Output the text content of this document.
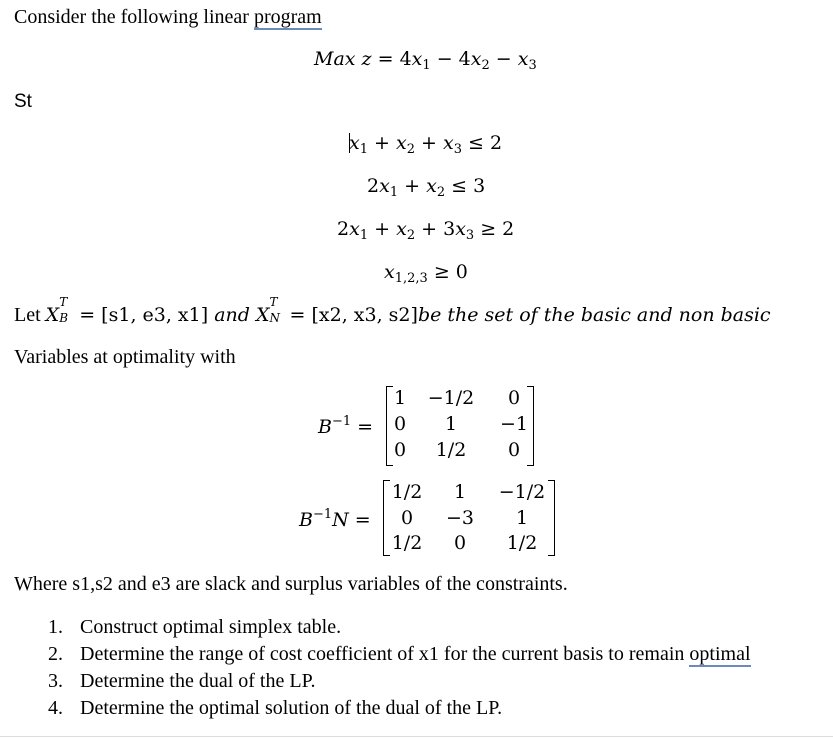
Consider the following linear program
Max $z = 4x_1 - 4x_2 - x_3$
St
$x_1 + x_2 + x_3 \le 2$
$2x_1 + x_2 \le 3$
$2x_1 + x_2 + 3x_3 \ge 2$
$x_{1,2,3} \ge 0$
Let X
T
B = [s1, e3, x1] and X
T
N = [x2, x3, s2]be the set of the basic and non basic
Variables at optimality with
$B^{-1}$ =
1	−1/2	0
0	1	−1
0	1/2	0
$B^{-1}N$ =
1/2	1	−1/2
0	−3	1
1/2	0	1/2
Where s1,s2 and e3 are slack and surplus variables of the constraints.
1. Construct optimal simplex table.
2. Determine the range of cost coefficient of x1 for the current basis to remain optimal
3. Determine the dual of the LP.
4. Determine the optimal solution of the dual of the LP.
